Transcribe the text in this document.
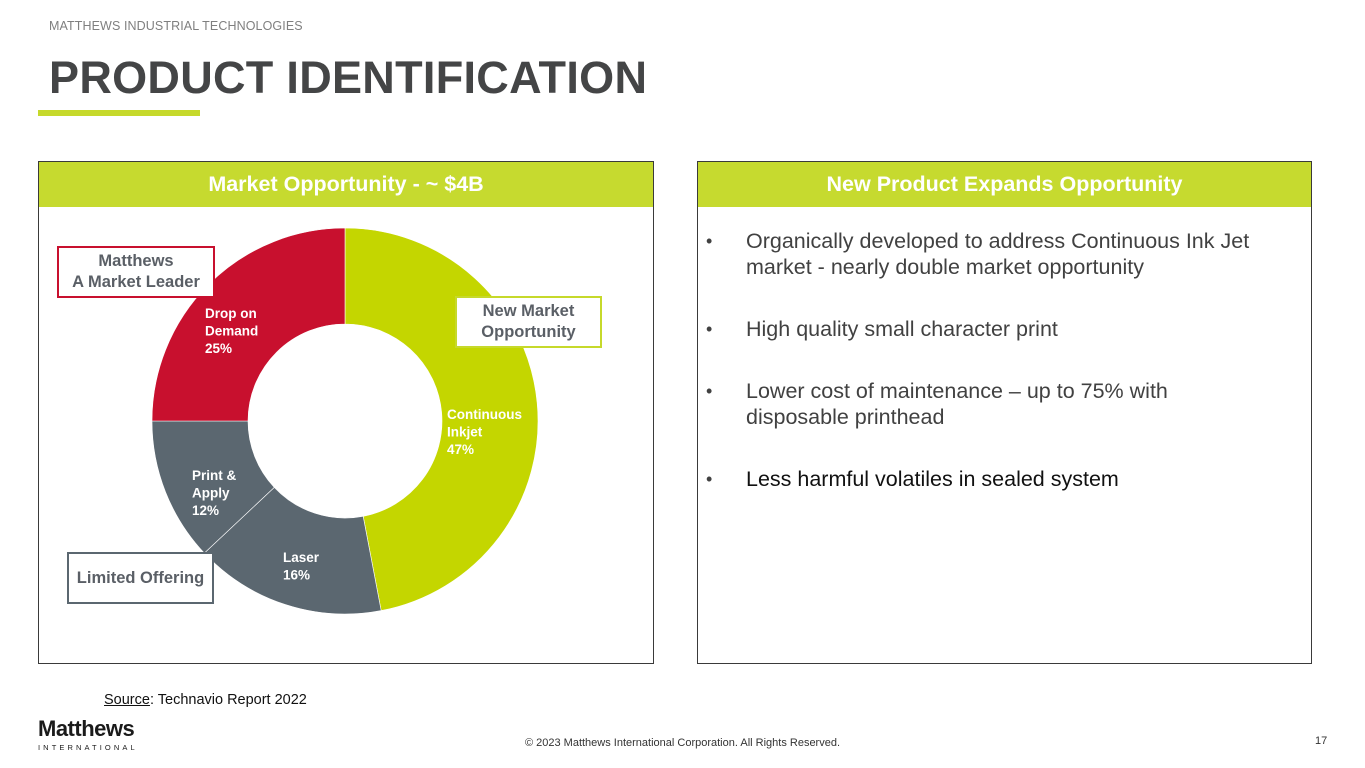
MATTHEWS INDUSTRIAL TECHNOLOGIES
PRODUCT IDENTIFICATION
Market Opportunity - ~ $4B
Continuous Inkjet 47%
Laser 16%
Print & Apply 12%
Drop on Demand 25%
Matthews
A Market Leader
New Market
Opportunity
Limited Offering
New Product Expands Opportunity
• Organically developed to address Continuous Ink Jet
market - nearly double market opportunity
• High quality small character print
• Lower cost of maintenance – up to 75% with
disposable printhead
• Less harmful volatiles in sealed system
Source: Technavio Report 2022
Matthews
INTERNATIONAL	© 2023 Matthews International Corporation. All Rights Reserved.	17
